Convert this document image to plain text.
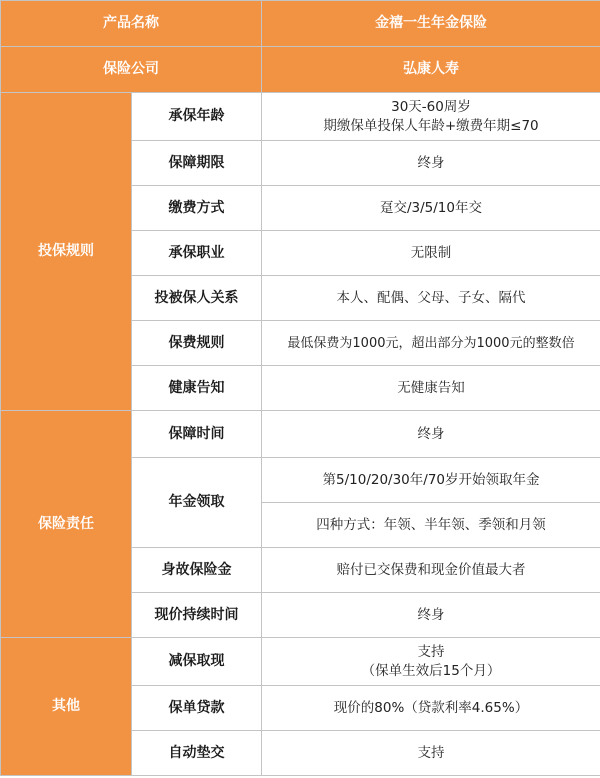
产品名称		金禧一生年金保险
保险公司		弘康人寿
投保规则	承保年龄	30天-60周岁
期缴保单投保人年龄+缴费年期≤70

	保障期限	终身
	缴费方式	趸交/3/5/10年交
	承保职业	无限制
	投被保人关系	本人、配偶、父母、子女、隔代
	保费规则	最低保费为1000元，超出部分为1000元的整数倍
	健康告知	无健康告知
保险责任	保障时间	终身
	年金领取	第5/10/20/30年/70岁开始领取年金
		四种方式：年领、半年领、季领和月领
	身故保险金	赔付已交保费和现金价值最大者
	现价持续时间	终身
其他	减保取现	支持
（保单生效后15个月）

	保单贷款	现价的80%（贷款利率4.65%）
	自动垫交	支持
